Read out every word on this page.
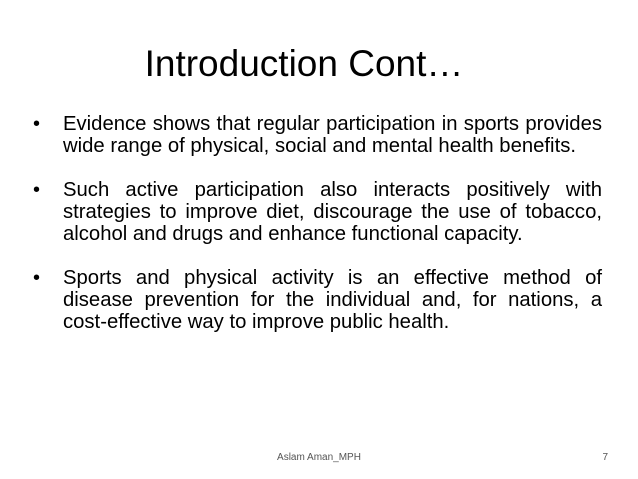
Introduction Cont…
• Evidence shows that regular participation in sports provides wide range of physical, social and mental health benefits.
• Such active participation also interacts positively with strategies to improve diet, discourage the use of tobacco, alcohol and drugs and enhance functional capacity.
• Sports and physical activity is an effective method of disease prevention for the individual and, for nations, a cost-effective way to improve public health.
Aslam Aman_MPH	7
